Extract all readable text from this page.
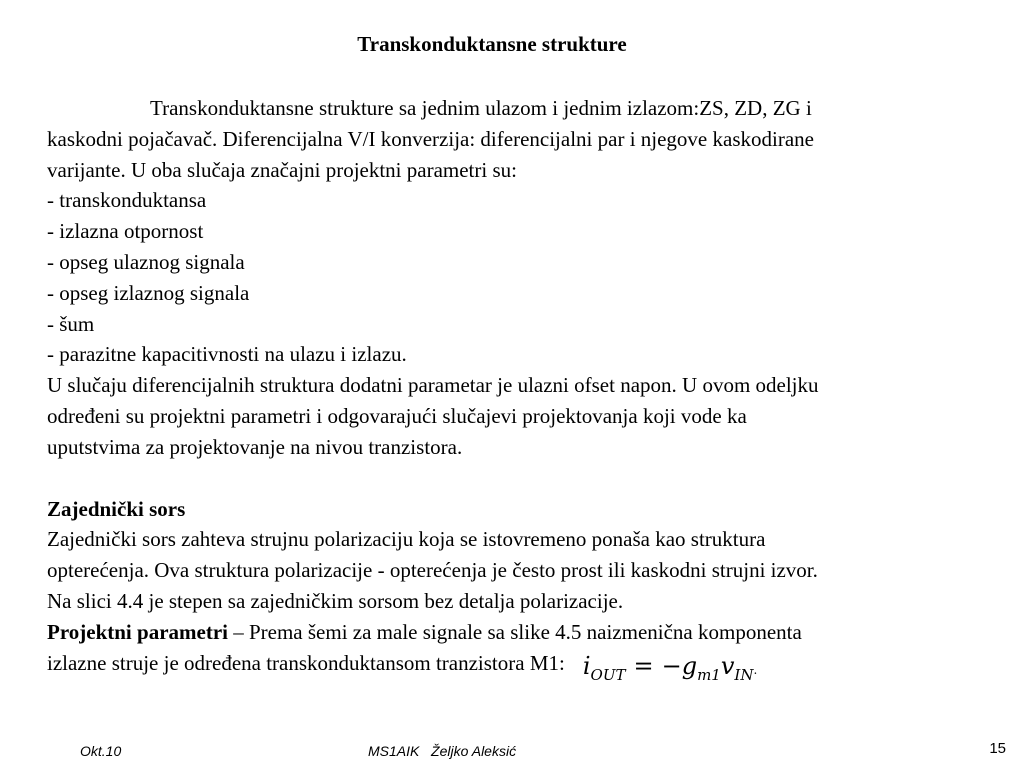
Transkonduktansne strukture
Transkonduktansne strukture sa jednim ulazom i jednim izlazom:ZS, ZD, ZG i
kaskodni pojačavač. Diferencijalna V/I konverzija: diferencijalni par i njegove kaskodirane
varijante. U oba slučaja značajni projektni parametri su:
- transkonduktansa
- izlazna otpornost
- opseg ulaznog signala
- opseg izlaznog signala
- šum
- parazitne kapacitivnosti na ulazu i izlazu.
U slučaju diferencijalnih struktura dodatni parametar je ulazni ofset napon. U ovom odeljku
određeni su projektni parametri i odgovarajući slučajevi projektovanja koji vode ka
uputstvima za projektovanje na nivou tranzistora.
Zajednički sors
Zajednički sors zahteva strujnu polarizaciju koja se istovremeno ponaša kao struktura
opterećenja. Ova struktura polarizacije - opterećenja je često prost ili kaskodni strujni izvor.
Na slici 4.4 je stepen sa zajedničkim sorsom bez detalja polarizacije.
Projektni parametri – Prema šemi za male signale sa slike 4.5 naizmenična komponenta
izlazne struje je određena transkonduktansom tranzistora M1: $i_{OUT} = -g_{m1}v_{IN}$.
Okt.10	MS1AIK   Željko Aleksić	15
